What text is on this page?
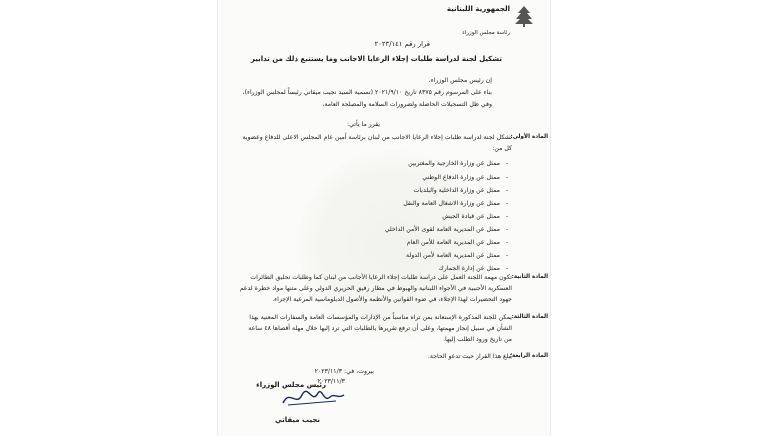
الجمهورية اللبنانية
رئاسة مجلس الوزراء
قرار رقم ٢٠٢٣/١٤١
تشكيل لجنة لدراسة طلبات إجلاء الرعايا الاجانب وما يستتبع ذلك من تدابير
إن رئيس مجلس الوزراء،
بناء على المرسوم رقم ٨٣٧٥ تاريخ ٢٠٢١/٩/١٠ (تسمية السيد نجيب ميقاتي رئيساً لمجلس الوزراء)،
وفي ظل التسجيلات الحاصلة ولضرورات السلامة والمصلحة العامة،
يقرر ما يأتي:
المادة الأولى:
تشكل لجنة لدراسة طلبات إجلاء الرعايا الاجانب من لبنان برئاسة أمين عام المجلس الاعلى للدفاع وعضوية
كل من:
ممثل عن وزارة الخارجية والمغتربين -
ممثل عن وزارة الدفاع الوطني -
ممثل عن وزارة الداخلية والبلديات -
ممثل عن وزارة الاشغال العامة والنقل -
ممثل عن قيادة الجيش -
ممثل عن المديرية العامة لقوى الأمن الداخلي -
ممثل عن المديرية العامة للأمن العام -
ممثل عن المديرية العامة لأمن الدولة -
ممثل عن إدارة الجمارك -
المادة الثانية:
تكون مهمة اللجنة العمل على دراسة طلبات إجلاء الرعايا الأجانب من لبنان كما وطلبات تحليق الطائرات
العسكرية الأجنبية في الأجواء اللبنانية والهبوط في مطار رفيق الحريري الدولي وعلى متنها مواد خطرة لدعم
جهود التحضيرات لهذا الإجلاء، في ضوء القوانين والأنظمة والأصول الدبلوماسية المرعية الإجراء.
المادة الثالثة:
يمكن للجنة المذكورة الإستعانة بمن تراه مناسباً من الإدارات والمؤسسات العامة والسفارات المعنية بهذا
الشأن في سبيل إنجاز مهمتها، وعلى أن ترفع تقريرها بالطلبات التي ترد إليها خلال مهلة أقصاها ٤٨ ساعة
من تاريخ ورود الطلب إليها.
المادة الرابعة:
يُبلغ هذا القرار حيث تدعو الحاجة.
بيروت، في: ٢٠٢٣/١١/٣
٢٠٢٣/١١/٣
رئيس مجلس الوزراء
نجيب ميقاتي
